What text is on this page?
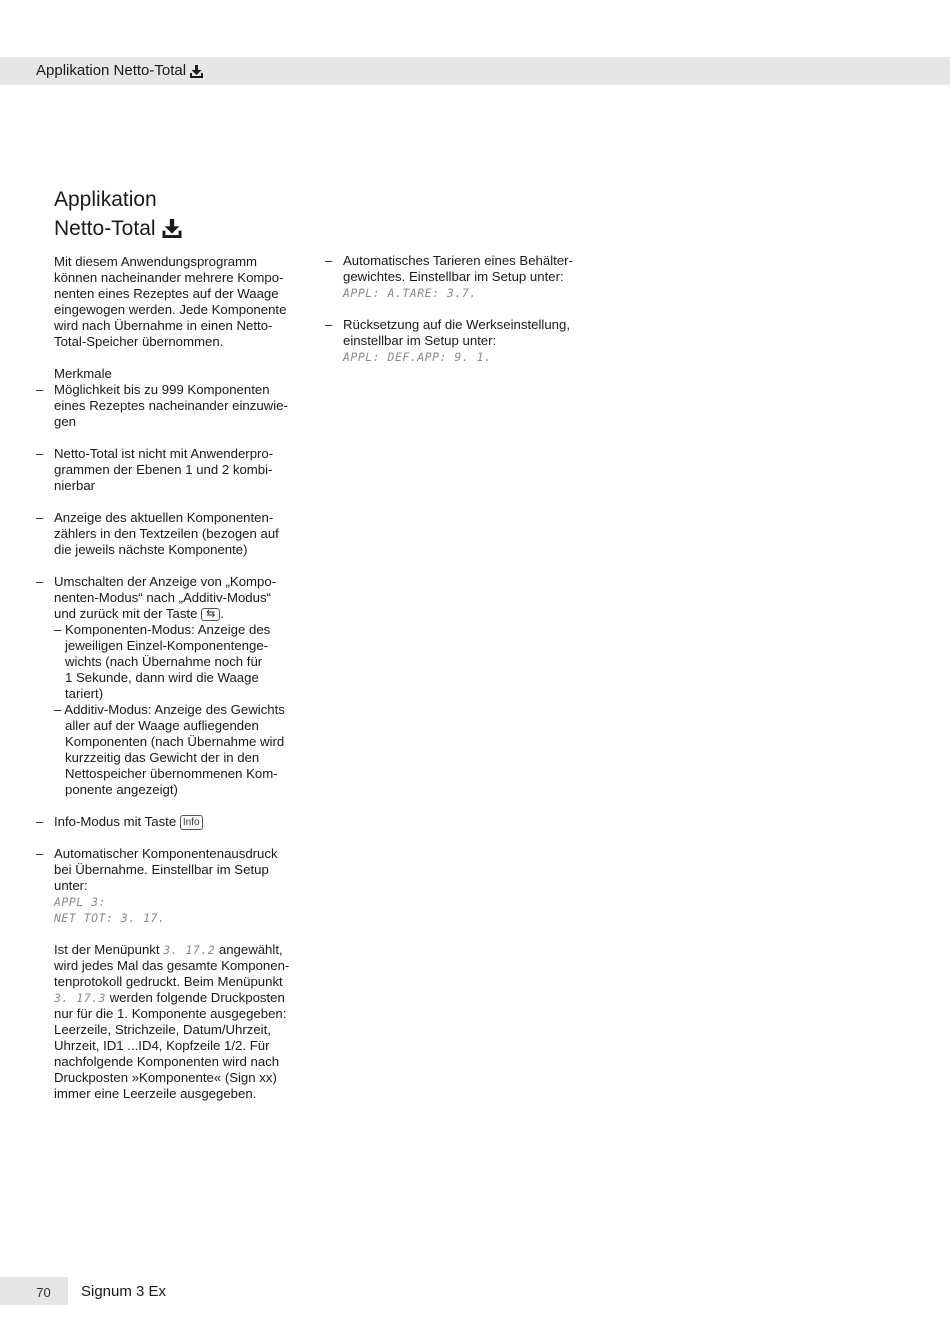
Applikation Netto-Total
Applikation
Netto-Total

Mit diesem Anwendungsprogramm

können nacheinander mehrere Kompo-

nenten eines Rezeptes auf der Waage

eingewogen werden. Jede Komponente

wird nach Übernahme in einen Netto-

Total-Speicher übernommen.

Merkmale

– Möglichkeit bis zu 999 Komponenten

eines Rezeptes nacheinander einzuwie-

gen

– Netto-Total ist nicht mit Anwenderpro-

grammen der Ebenen 1 und 2 kombi-

nierbar

– Anzeige des aktuellen Komponenten-

zählers in den Textzeilen (bezogen auf

die jeweils nächste Komponente)

– Umschalten der Anzeige von „Kompo-

nenten-Modus“ nach „Additiv-Modus“

und zurück mit der Taste ⇆ .

– Komponenten-Modus: Anzeige des

jeweiligen Einzel-Komponentenge-

wichts (nach Übernahme noch für

1 Sekunde, dann wird die Waage

tariert)

– Additiv-Modus: Anzeige des Gewichts

aller auf der Waage aufliegenden

Komponenten (nach Übernahme wird

kurzzeitig das Gewicht der in den

Nettospeicher übernommenen Kom-

ponente angezeigt)

– Info-Modus mit Taste Info

– Automatischer Komponentenausdruck

bei Übernahme. Einstellbar im Setup

unter:

APPL 3:

NET TOT: 3. 17.

Ist der Menüpunkt 3. 17.2 angewählt,

wird jedes Mal das gesamte Komponen-

tenprotokoll gedruckt. Beim Menüpunkt

3. 17.3 werden folgende Druckposten

nur für die 1. Komponente ausgegeben:

Leerzeile, Strichzeile, Datum/Uhrzeit,

Uhrzeit, ID1 ...ID4, Kopfzeile 1/2. Für

nachfolgende Komponenten wird nach

Druckposten »Komponente« (Sign xx)

immer eine Leerzeile ausgegeben.

– Automatisches Tarieren eines Behälter-

gewichtes. Einstellbar im Setup unter:

APPL: A.TARE: 3.7.

– Rücksetzung auf die Werkseinstellung,

einstellbar im Setup unter:

APPL: DEF.APP: 9. 1.

70	Signum 3 Ex
